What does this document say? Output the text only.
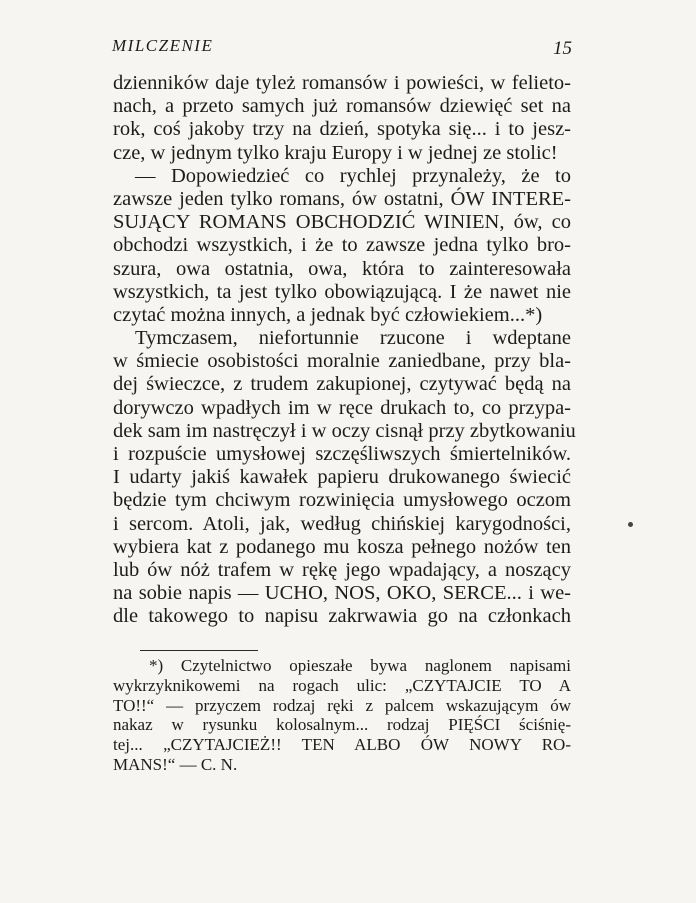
MILCZENIE	15
dzienników daje tyleż romansów i powieści, w felieto-
nach, a przeto samych już romansów dziewięć set na
rok, coś jakoby trzy na dzień, spotyka się... i to jesz-
cze, w jednym tylko kraju Europy i w jednej ze stolic!
— Dopowiedzieć co rychlej przynależy, że to
zawsze jeden tylko romans, ów ostatni, ÓW INTERE-
SUJĄCY ROMANS OBCHODZIĆ WINIEN, ów, co
obchodzi wszystkich, i że to zawsze jedna tylko bro-
szura, owa ostatnia, owa, która to zainteresowała
wszystkich, ta jest tylko obowiązującą. I że nawet nie
czytać można innych, a jednak być człowiekiem...*)
Tymczasem, niefortunnie rzucone i wdeptane
w śmiecie osobistości moralnie zaniedbane, przy bla-
dej świeczce, z trudem zakupionej, czytywać będą na
dorywczo wpadłych im w ręce drukach to, co przypa-
dek sam im nastręczył i w oczy cisnął przy zbytkowaniu
i rozpuście umysłowej szczęśliwszych śmiertelników.
I udarty jakiś kawałek papieru drukowanego świecić
będzie tym chciwym rozwinięcia umysłowego oczom
i sercom. Atoli, jak, według chińskiej karygodności,
wybiera kat z podanego mu kosza pełnego nożów ten
lub ów nóż trafem w rękę jego wpadający, a noszący
na sobie napis — UCHO, NOS, OKO, SERCE... i we-
dle takowego to napisu zakrwawia go na członkach
*) Czytelnictwo opieszałe bywa naglonem napisami
wykrzyknikowemi na rogach ulic: „CZYTAJCIE TO A
TO!!“ — przyczem rodzaj ręki z palcem wskazującym ów
nakaz w rysunku kolosalnym... rodzaj PIĘŚCI ściśnię-
tej... „CZYTAJCIEŻ!! TEN ALBO ÓW NOWY RO-
MANS!“ — C. N.
